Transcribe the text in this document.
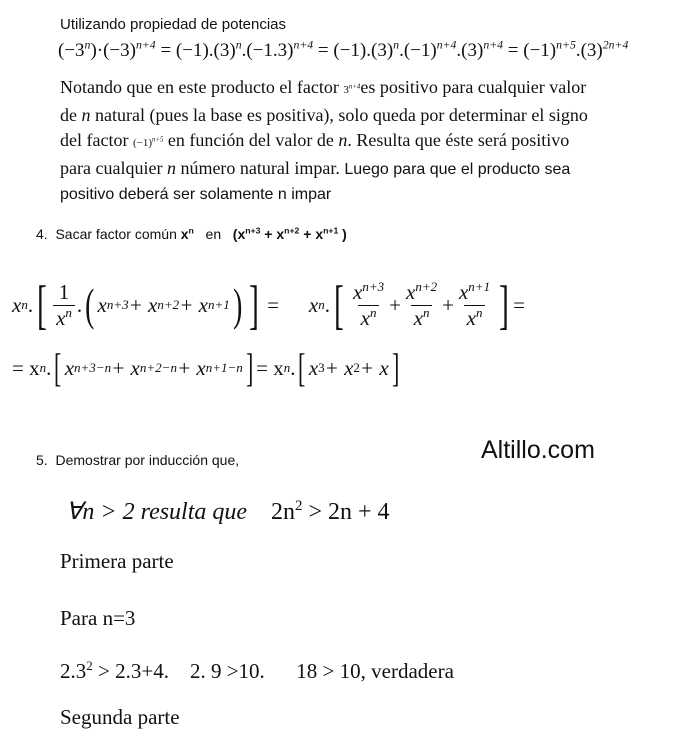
Utilizando propiedad de potencias
$(-3^n)\cdot(-3)^{n+4} = (-1).(3)^n.(-1.3)^{n+4} = (-1).(3)^n.(-1)^{n+4}.(3)^{n+4} = (-1)^{n+5}.(3)^{2n+4}$
Notando que en este producto el factor $3^{n+4}es$ positivo para cualquier valor
de n natural (pues la base es positiva), solo queda por determinar el signo
del factor $(-1)^{n+5}$ en función del valor de n. Resulta que éste será positivo
para cualquier n número natural impar. Luego para que el producto sea
positivo deberá ser solamente n impar
4. Sacar factor común $x^n$ en ($x^{n+3} + x^{n+2} + x^{n+1}$ )
x n . [ $\frac{1}{x^n}$ . ( x n+3 + x n+2 + x n+1 ) ] = x n . [ $\frac{x^{n+3}}{x^n} + \frac{x^{n+2}}{x^n} + \frac{x^{n+1}}{x^n}$ ] =
= x n . [ x n+3−n + x n+2−n + x n+1−n ] = x n . [ x 3 + x 2 + x ]
5. Demostrar por inducción que,	Altillo.com
∀n > 2 resulta que $2n^2 > 2n + 4$
Primera parte
Para n=3
$2.3^2 > 2.3+4$. 2. 9 >10. 18 > 10, verdadera
Segunda parte
